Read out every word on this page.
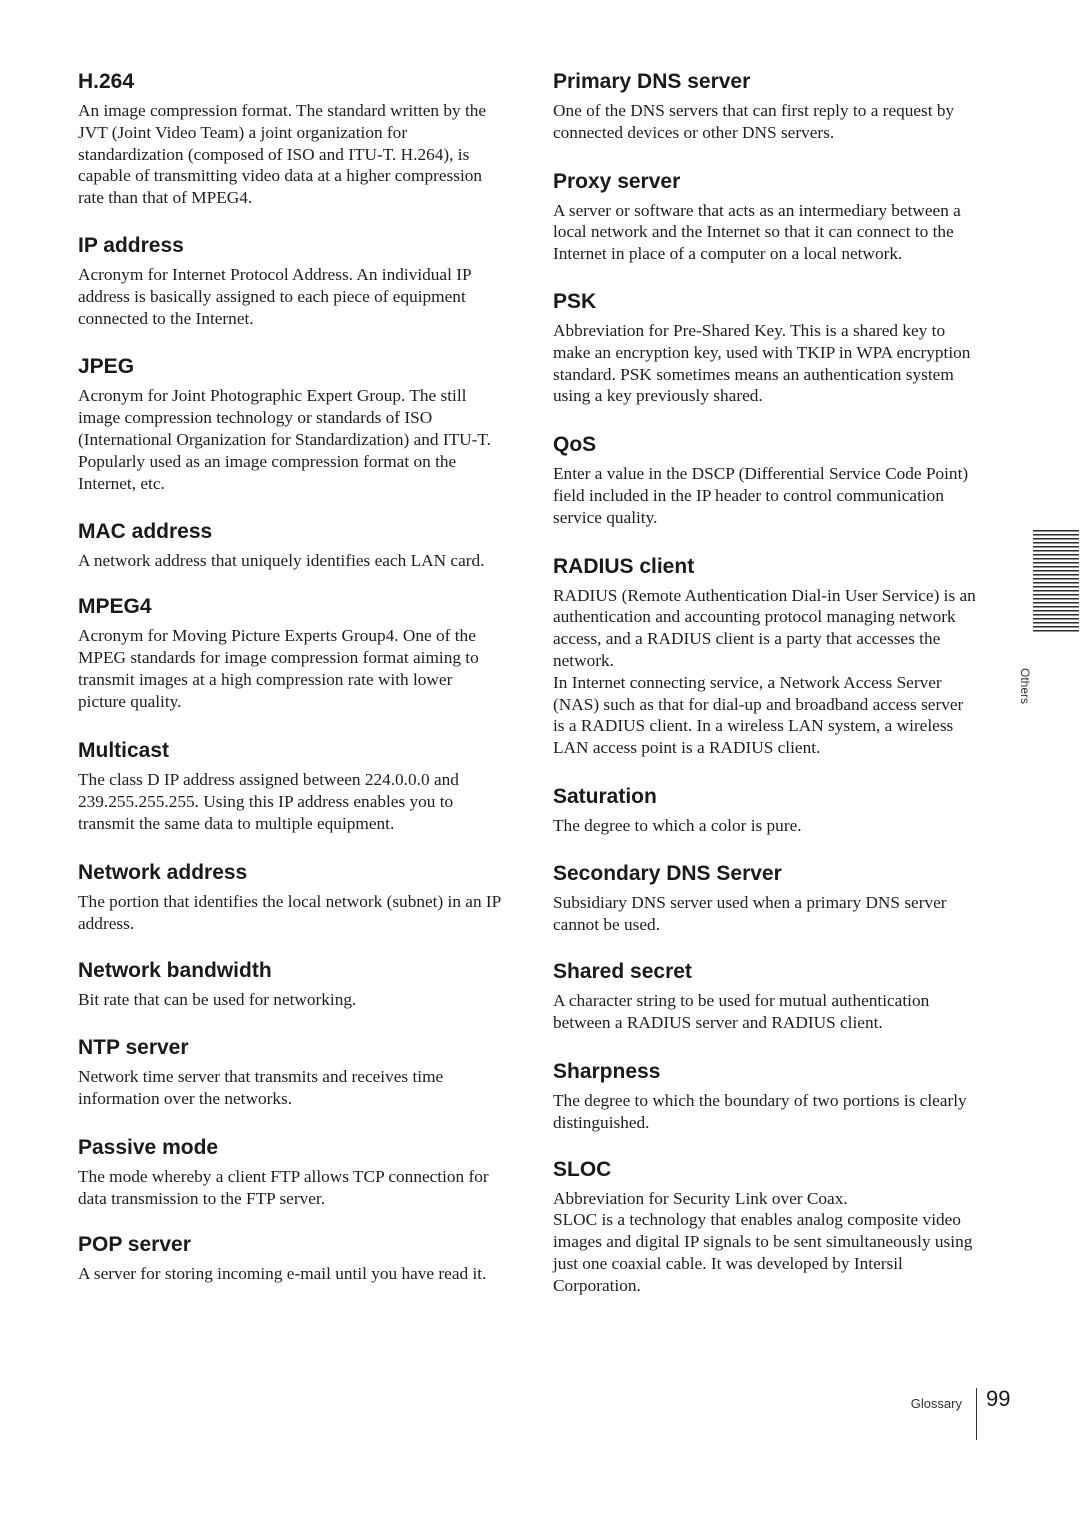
H.264

An image compression format. The standard written by the JVT (Joint Video Team) a joint organization for standardization (composed of ISO and ITU-T. H.264), is capable of transmitting video data at a higher compression rate than that of MPEG4.

IP address

Acronym for Internet Protocol Address. An individual IP address is basically assigned to each piece of equipment connected to the Internet.

JPEG

Acronym for Joint Photographic Expert Group. The still image compression technology or standards of ISO (International Organization for Standardization) and ITU-T. Popularly used as an image compression format on the Internet, etc.

MAC address

A network address that uniquely identifies each LAN card.

MPEG4

Acronym for Moving Picture Experts Group4. One of the MPEG standards for image compression format aiming to transmit images at a high compression rate with lower picture quality.

Multicast

The class D IP address assigned between 224.0.0.0 and 239.255.255.255. Using this IP address enables you to transmit the same data to multiple equipment.

Network address

The portion that identifies the local network (subnet) in an IP address.

Network bandwidth

Bit rate that can be used for networking.

NTP server

Network time server that transmits and receives time information over the networks.

Passive mode

The mode whereby a client FTP allows TCP connection for data transmission to the FTP server.

POP server

A server for storing incoming e-mail until you have read it.

Primary DNS server

One of the DNS servers that can first reply to a request by connected devices or other DNS servers.

Proxy server

A server or software that acts as an intermediary between a local network and the Internet so that it can connect to the Internet in place of a computer on a local network.

PSK

Abbreviation for Pre-Shared Key. This is a shared key to make an encryption key, used with TKIP in WPA encryption standard. PSK sometimes means an authentication system using a key previously shared.

QoS

Enter a value in the DSCP (Differential Service Code Point) field included in the IP header to control communication service quality.

RADIUS client

RADIUS (Remote Authentication Dial-in User Service) is an authentication and accounting protocol managing network access, and a RADIUS client is a party that accesses the network.

In Internet connecting service, a Network Access Server (NAS) such as that for dial-up and broadband access server is a RADIUS client. In a wireless LAN system, a wireless LAN access point is a RADIUS client.

Saturation

The degree to which a color is pure.

Secondary DNS Server

Subsidiary DNS server used when a primary DNS server cannot be used.

Shared secret

A character string to be used for mutual authentication between a RADIUS server and RADIUS client.

Sharpness

The degree to which the boundary of two portions is clearly distinguished.

SLOC

Abbreviation for Security Link over Coax.

SLOC is a technology that enables analog composite video images and digital IP signals to be sent simultaneously using just one coaxial cable. It was developed by Intersil Corporation.

Others
Glossary 99
